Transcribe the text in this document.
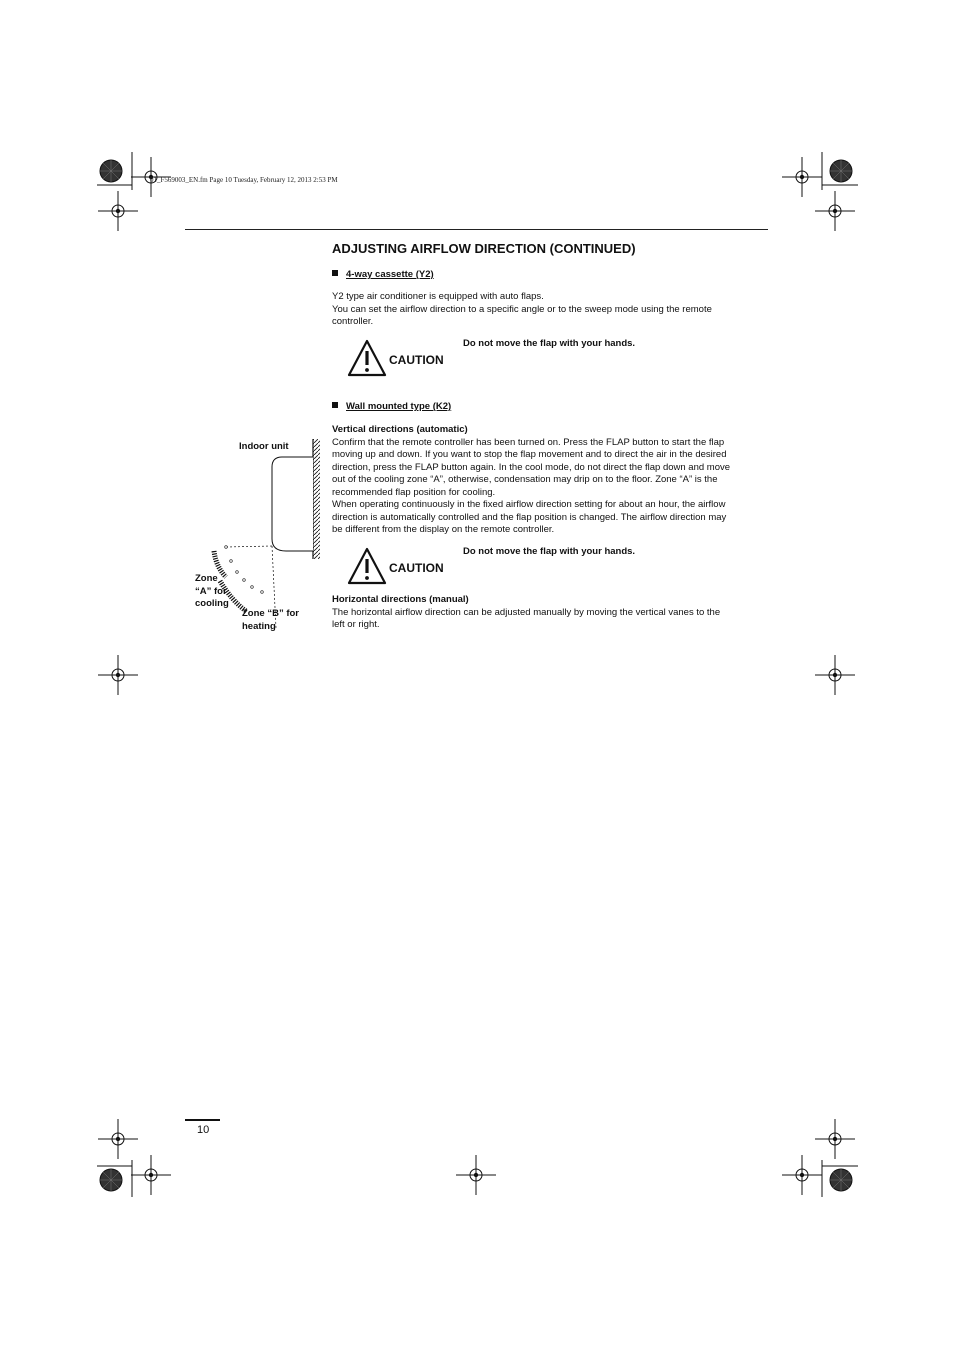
01_F569003_EN.fm Page 10 Tuesday, February 12, 2013 2:53 PM
ADJUSTING AIRFLOW DIRECTION (CONTINUED)
4-way cassette (Y2)

Y2 type air conditioner is equipped with auto flaps.

You can set the airflow direction to a specific angle or to the sweep mode using the remote

controller.

Do not move the flap with your hands.
CAUTION
Wall mounted type (K2)

Vertical directions (automatic)

Confirm that the remote controller has been turned on. Press the FLAP button to start the flap

moving up and down. If you want to stop the flap movement and to direct the air in the desired

direction, press the FLAP button again. In the cool mode, do not direct the flap down and move

out of the cooling zone “A”, otherwise, condensation may drip on to the floor. Zone “A” is the

recommended flap position for cooling.

When operating continuously in the fixed airflow direction setting for about an hour, the airflow

direction is automatically controlled and the flap position is changed. The airflow direction may

be different from the display on the remote controller.

Do not move the flap with your hands.
CAUTION

Horizontal directions (manual)

The horizontal airflow direction can be adjusted manually by moving the vertical vanes to the

left or right.

Indoor unit
Zone
“A” for
cooling
Zone “B” for
heating
10
